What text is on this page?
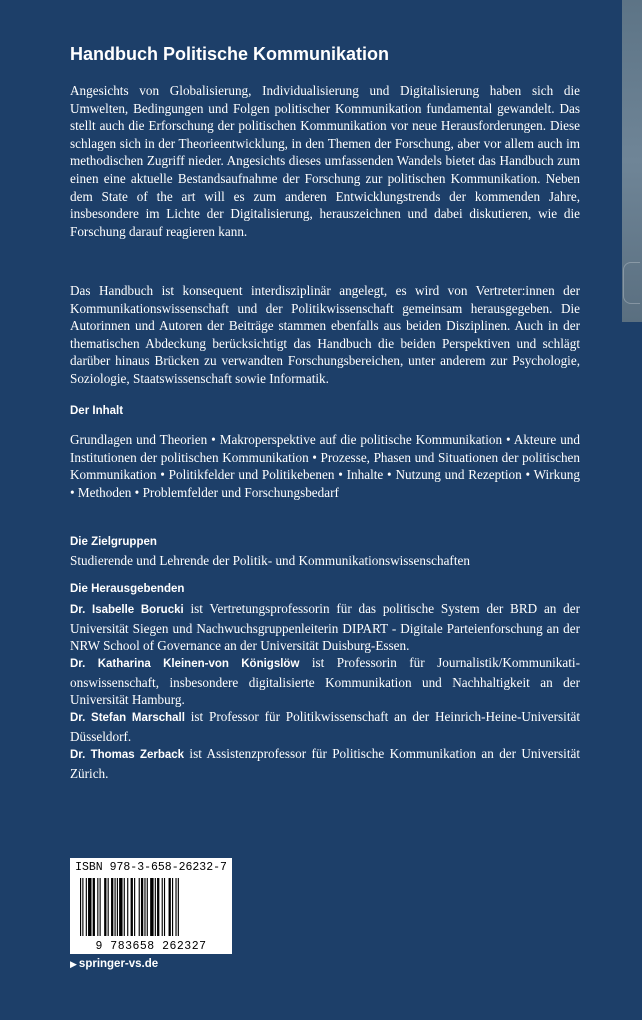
Handbuch Politische Kommunikation

Angesichts von Globalisierung, Individualisierung und Digitalisierung haben sich die Umwelten, Bedingungen und Folgen politischer Kommunikation fundamental gewandelt. Das stellt auch die Erforschung der politischen Kommunikation vor neue Herausforderungen. Diese schlagen sich in der Theorieentwicklung, in den Themen der Forschung, aber vor allem auch im methodischen Zugriff nieder. Angesichts dieses umfassenden Wandels bietet das Handbuch zum einen eine aktuelle Bestandsaufnahme der Forschung zur politischen Kommunikation. Neben dem State of the art will es zum anderen Entwicklungstrends der kommenden Jahre, insbesondere im Lichte der Digitalisierung, herauszeichnen und dabei diskutieren, wie die Forschung darauf reagieren kann.

Das Handbuch ist konsequent interdisziplinär angelegt, es wird von Vertreter:innen der Kommunikationswissenschaft und der Politikwissenschaft gemeinsam herausgegeben. Die Autorinnen und Autoren der Beiträge stammen ebenfalls aus beiden Disziplinen. Auch in der thematischen Abdeckung berücksichtigt das Handbuch die beiden Perspektiven und schlägt darüber hinaus Brücken zu verwandten Forschungsbereichen, unter anderem zur Psychologie, Soziologie, Staatswissenschaft sowie Informatik.

Der Inhalt

Grundlagen und Theorien • Makroperspektive auf die politische Kommunikation • Akteure und Institutionen der politischen Kommunikation • Prozesse, Phasen und Situationen der politischen Kommunikation • Politikfelder und Politikebenen • Inhalte • Nutzung und Rezeption • Wirkung • Methoden • Problemfelder und Forschungsbedarf

Die Zielgruppen

Studierende und Lehrende der Politik- und Kommunikationswissenschaften

Die Herausgebenden

Dr. Isabelle Borucki ist Vertretungsprofessorin für das politische System der BRD an der Universität Siegen und Nachwuchsgruppenleiterin DIPART - Digitale Parteienforschung an der NRW School of Governance an der Universität Duisburg-Essen.

Dr. Katharina Kleinen-von Königslöw ist Professorin für Journalistik/Kommunikationswissenschaft, insbesondere digitalisierte Kommunikation und Nachhaltigkeit an der Universität Hamburg.

Dr. Stefan Marschall ist Professor für Politikwissenschaft an der Heinrich-Heine-Universität Düsseldorf.

Dr. Thomas Zerback ist Assistenzprofessor für Politische Kommunikation an der Universität Zürich.

ISBN 978-3-658-26232-7
9 783658 262327
▶ springer-vs.de
